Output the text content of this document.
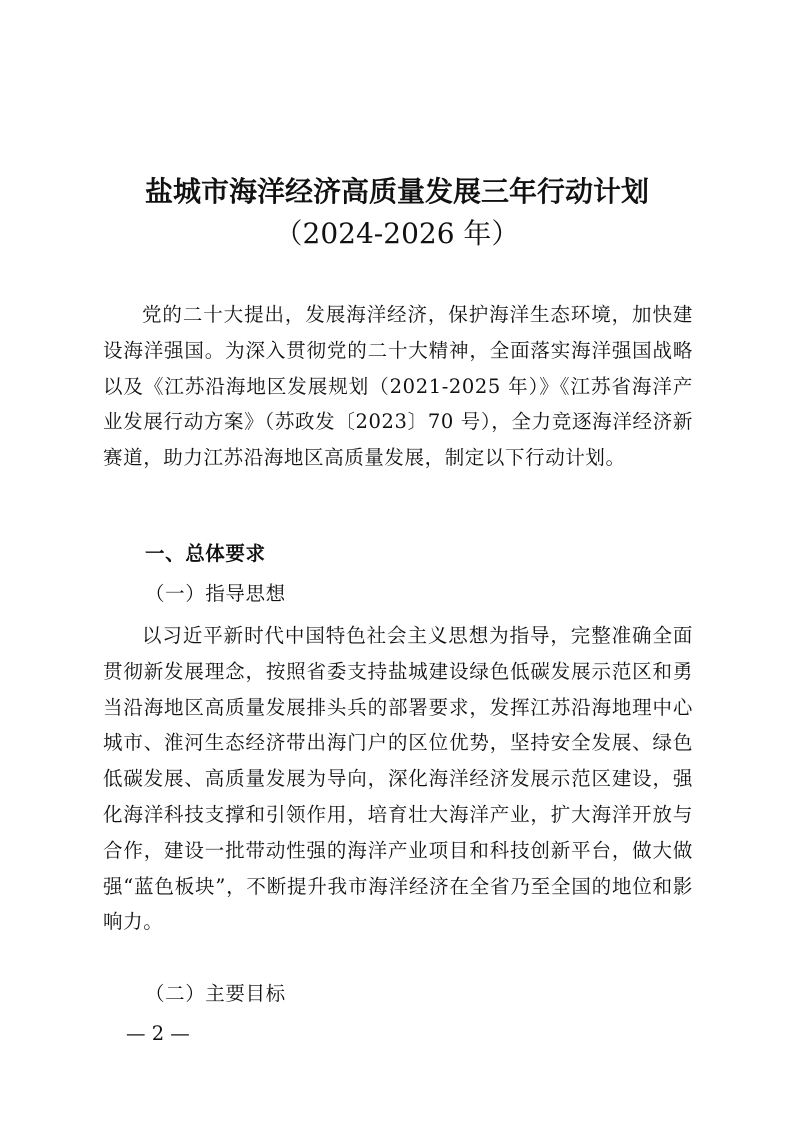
盐城市海洋经济高质量发展三年行动计划
（2024-2026 年）

党的二十大提出，发展海洋经济，保护海洋生态环境，加快建设海洋强国。为深入贯彻党的二十大精神，全面落实海洋强国战略以及《江苏沿海地区发展规划（2021-2025 年）》《江苏省海洋产业发展行动方案》（苏政发〔2023〕70 号），全力竞逐海洋经济新赛道，助力江苏沿海地区高质量发展，制定以下行动计划。

一、总体要求
（一）指导思想

以习近平新时代中国特色社会主义思想为指导，完整准确全面贯彻新发展理念，按照省委支持盐城建设绿色低碳发展示范区和勇当沿海地区高质量发展排头兵的部署要求，发挥江苏沿海地理中心城市、淮河生态经济带出海门户的区位优势，坚持安全发展、绿色低碳发展、高质量发展为导向，深化海洋经济发展示范区建设，强化海洋科技支撑和引领作用，培育壮大海洋产业，扩大海洋开放与合作，建设一批带动性强的海洋产业项目和科技创新平台，做大做强“蓝色板块”，不断提升我市海洋经济在全省乃至全国的地位和影响力。

（二）主要目标
— 2 —
